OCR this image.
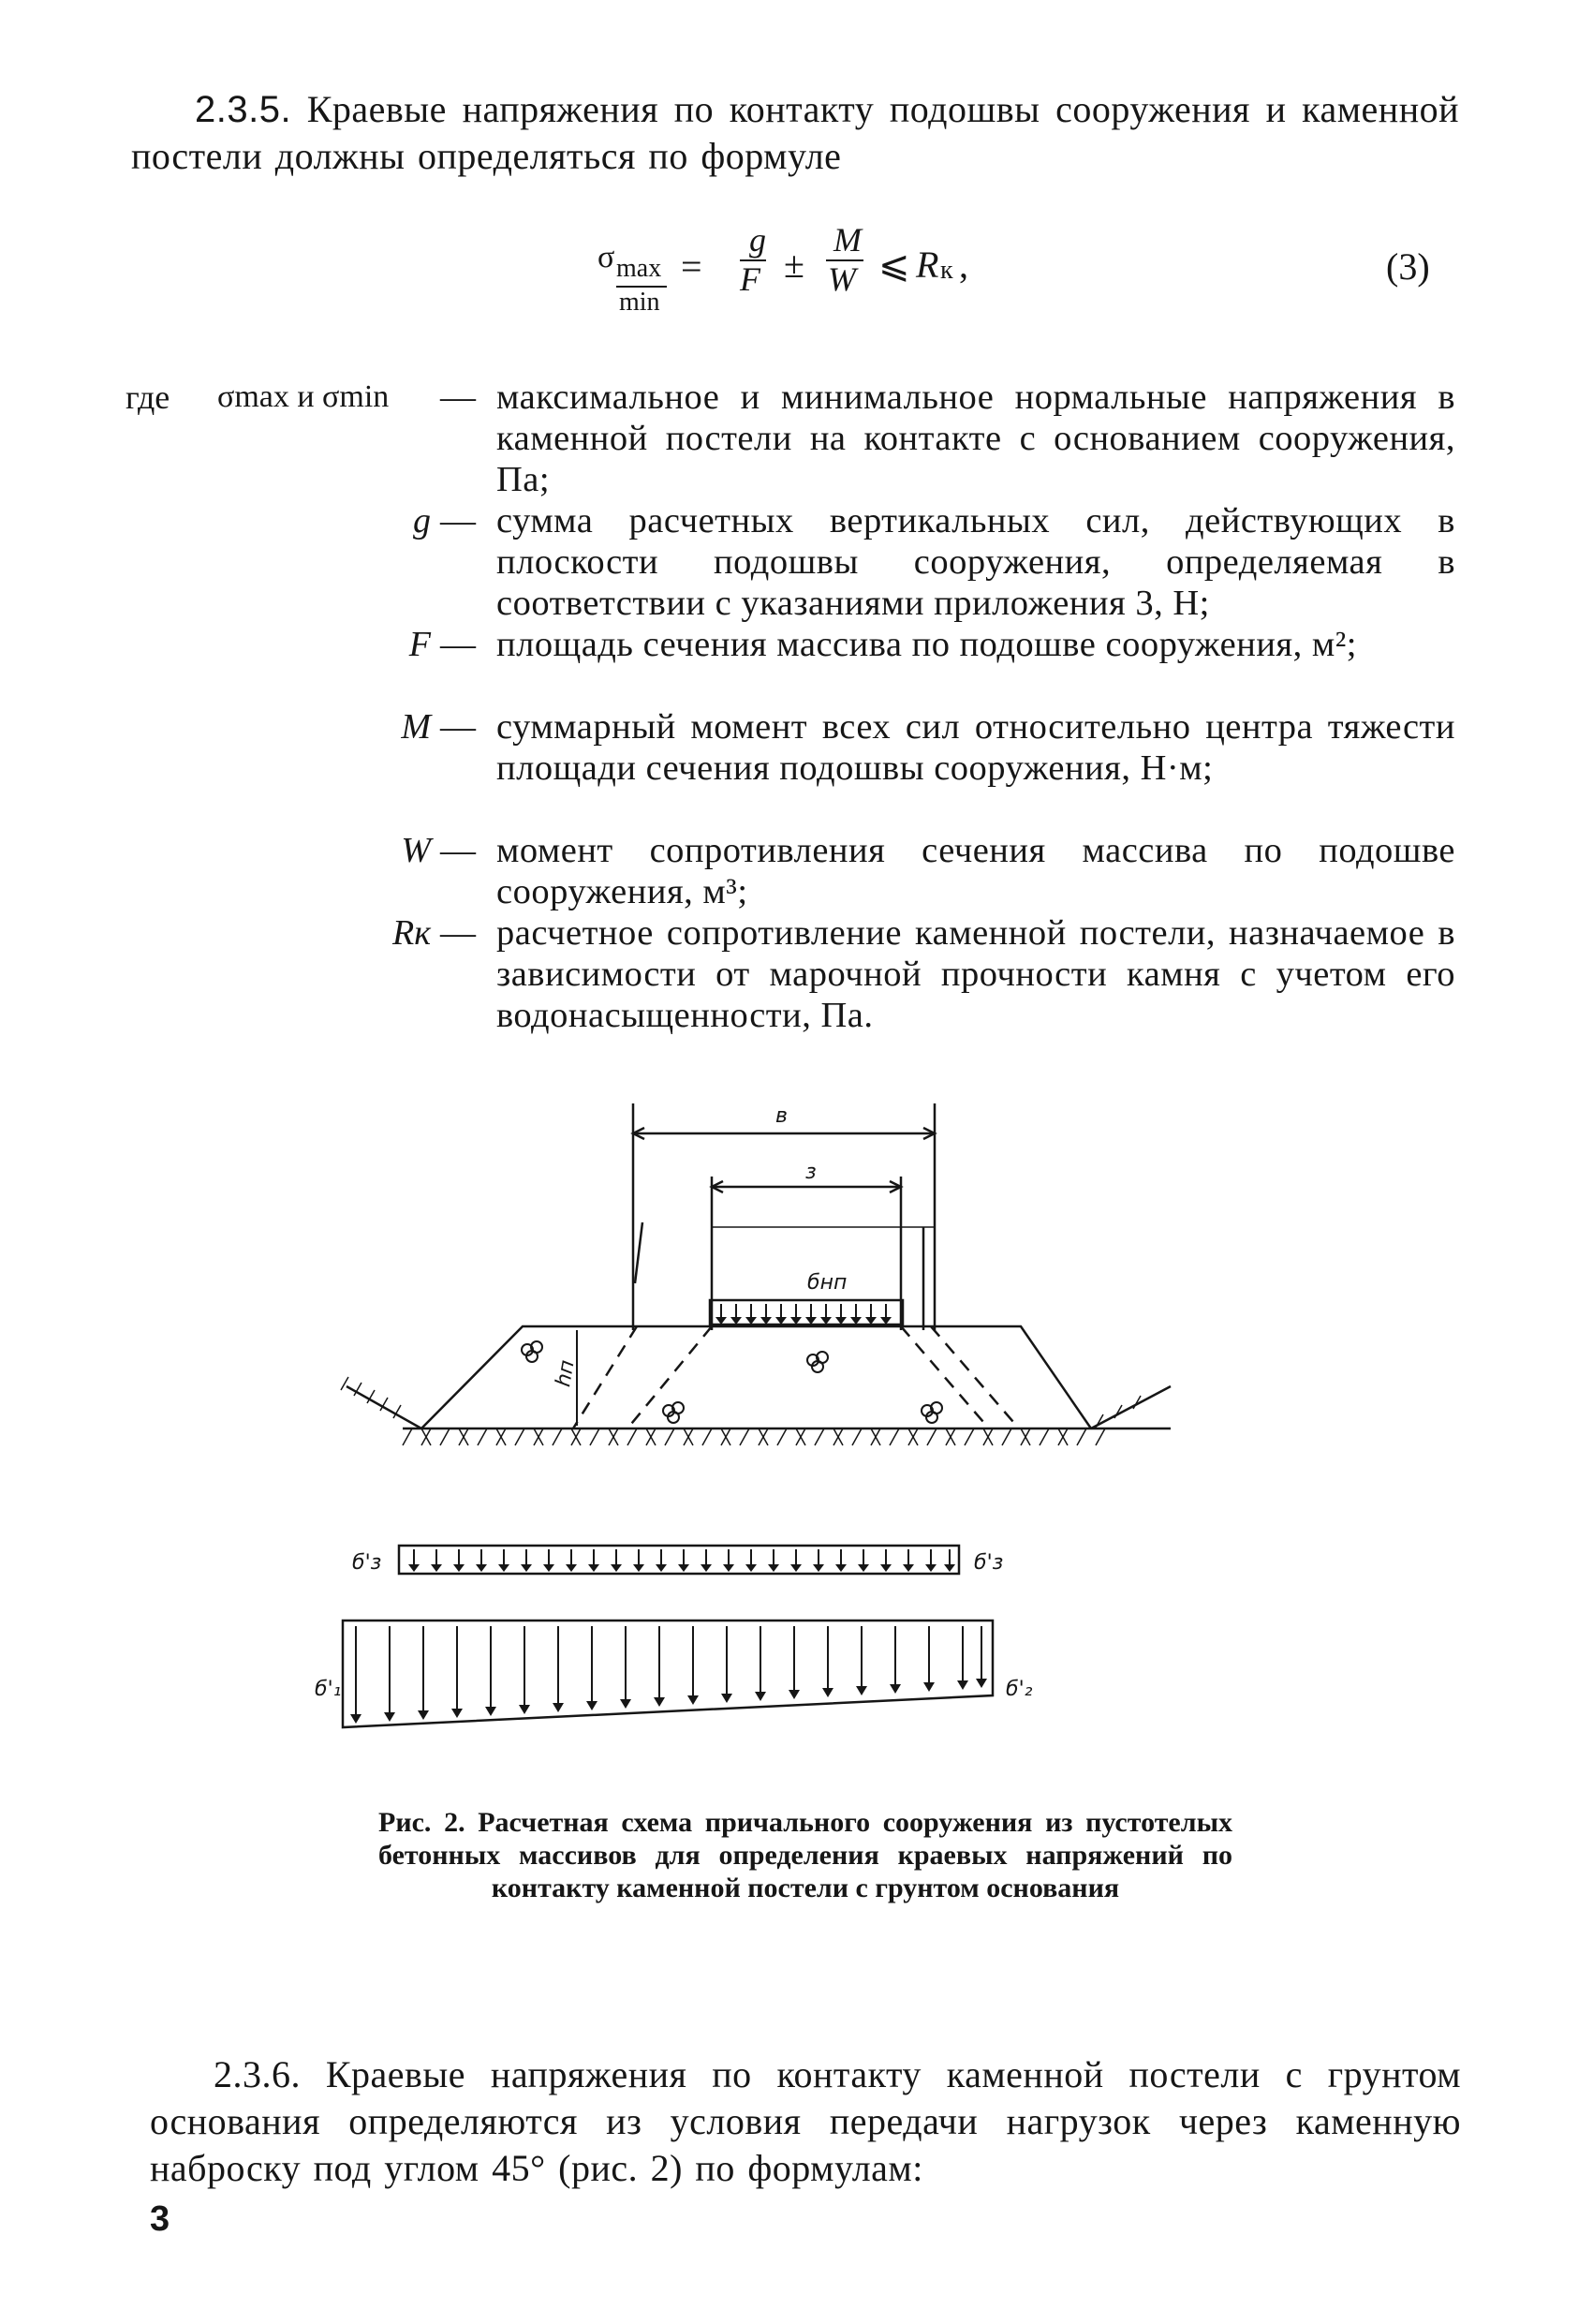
2.3.5. Краевые напряжения по контакту подошвы сооружения и каменной постели должны определяться по формуле
σ max
min
=
g
F ±
M
W ⩽ R к ,	(3)
где σmax и σmin	— максимальное и минимальное нормальные напряжения в каменной постели на контакте с основанием сооружения, Па;
g — сумма расчетных вертикальных сил, действующих в плоскости подошвы сооружения, определяемая в соответствии с указаниями приложения 3, Н;
F — площадь сечения массива по подошве сооружения, м²;
M — суммарный момент всех сил относительно центра тяжести площади сечения подошвы сооружения, Н·м;
W — момент сопротивления сечения массива по подошве сооружения, м³;
Rк — расчетное сопротивление каменной постели, назначаемое в зависимости от марочной прочности камня с учетом его водонасыщенности, Па.
в
з
бнп
hп
б'з	б'з
б'₁	б'₂
Рис. 2. Расчетная схема причального сооружения из пустотелых бетонных массивов для определения краевых напряжений по контакту каменной постели с грунтом основания
2.3.6. Краевые напряжения по контакту каменной постели с грунтом основания определяются из условия передачи нагрузок через каменную наброску под углом 45° (рис. 2) по формулам:
3
